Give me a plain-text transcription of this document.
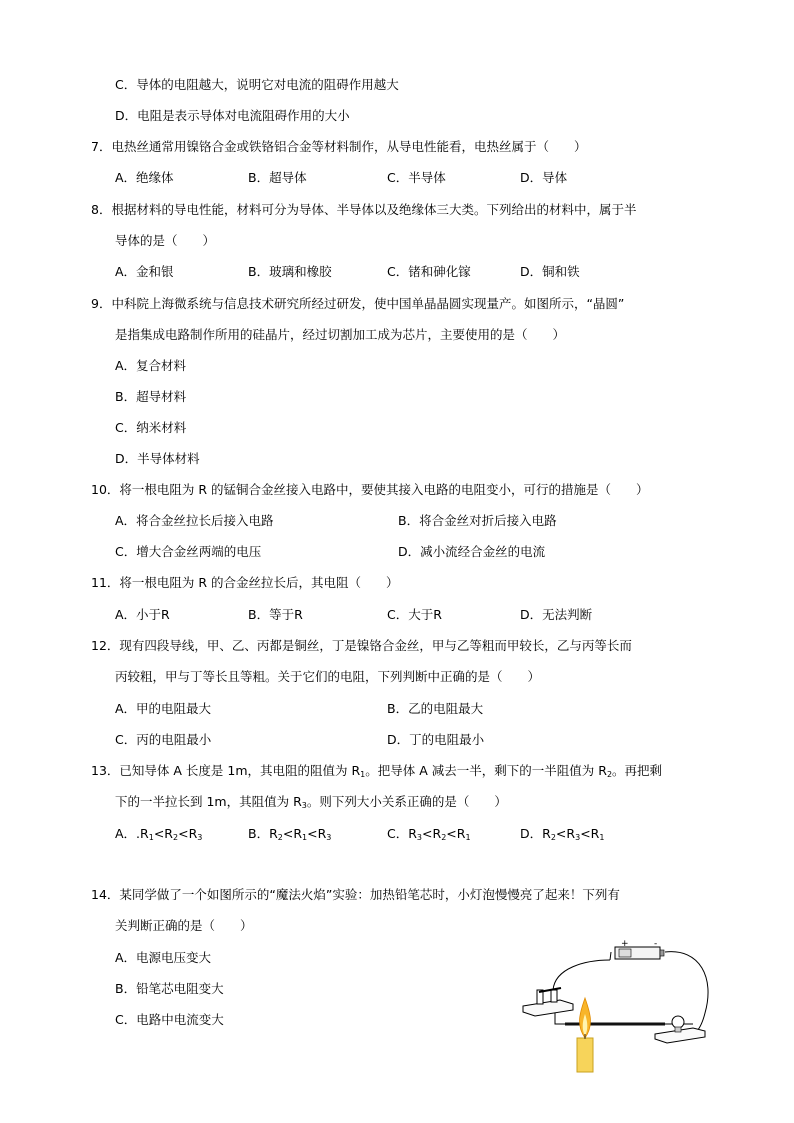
C．导体的电阻越大，说明它对电流的阻碍作用越大
D．电阻是表示导体对电流阻碍作用的大小
7．电热丝通常用镍铬合金或铁铬铝合金等材料制作，从导电性能看，电热丝属于（　　）
A．绝缘体	B．超导体	C．半导体	D．导体
8．根据材料的导电性能，材料可分为导体、半导体以及绝缘体三大类。下列给出的材料中，属于半
导体的是（　　）
A．金和银	B．玻璃和橡胶	C．锗和砷化镓	D．铜和铁
9．中科院上海微系统与信息技术研究所经过研发，使中国单晶晶圆实现量产。如图所示，“晶圆”
是指集成电路制作所用的硅晶片，经过切割加工成为芯片，主要使用的是（　　）
A．复合材料
B．超导材料
C．纳米材料
D．半导体材料
10．将一根电阻为 R 的锰铜合金丝接入电路中，要使其接入电路的电阻变小，可行的措施是（　　）
A．将合金丝拉长后接入电路	B．将合金丝对折后接入电路
C．增大合金丝两端的电压	D．减小流经合金丝的电流
11．将一根电阻为 R 的合金丝拉长后，其电阻（　　）
A．小于R	B．等于R	C．大于R	D．无法判断
12．现有四段导线，甲、乙、丙都是铜丝，丁是镍铬合金丝，甲与乙等粗而甲较长，乙与丙等长而
丙较粗，甲与丁等长且等粗。关于它们的电阻，下列判断中正确的是（　　）
A．甲的电阻最大	B．乙的电阻最大
C．丙的电阻最小	D．丁的电阻最小
13．已知导体 A 长度是 1m，其电阻的阻值为 $R_1$。把导体 A 减去一半，剩下的一半阻值为 $R_2$。再把剩
下的一半拉长到 1m，其阻值为 $R_3$。则下列大小关系正确的是（　　）
A．$.R_1<R_2<R_3$	B．$R_2<R_1<R_3$	C．$R_3<R_2<R_1$	D．$R_2<R_3<R_1$
14．某同学做了一个如图所示的“魔法火焰”实验：加热铅笔芯时，小灯泡慢慢亮了起来！下列有
关判断正确的是（　　）
A．电源电压变大
B．铅笔芯电阻变大
C．电路中电流变大
+	-
